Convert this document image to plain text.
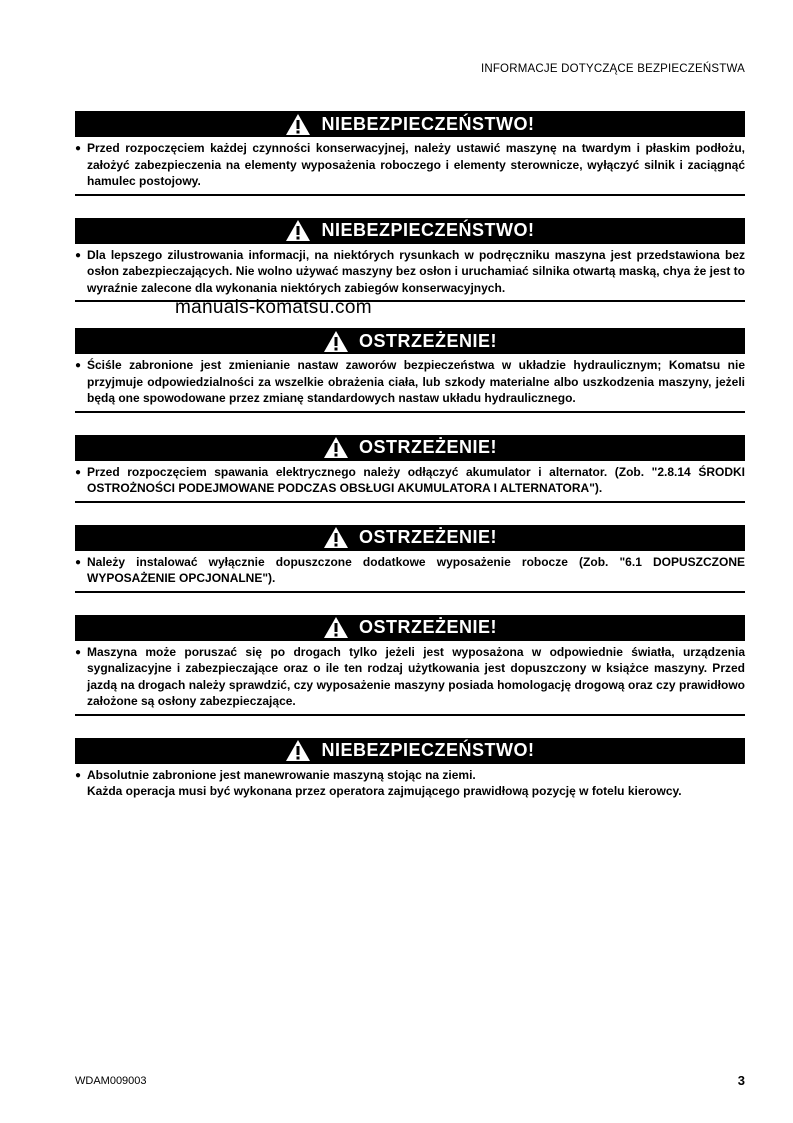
INFORMACJE DOTYCZĄCE BEZPIECZEŃSTWA
NIEBEZPIECZEŃSTWO!
● Przed rozpoczęciem każdej czynności konserwacyjnej, należy ustawić maszynę na twardym i płaskim podłożu, założyć zabezpieczenia na elementy wyposażenia roboczego i elementy sterownicze, wyłączyć silnik i zaciągnąć hamulec postojowy.
NIEBEZPIECZEŃSTWO!
● Dla lepszego zilustrowania informacji, na niektórych rysunkach w podręczniku maszyna jest przedstawiona bez osłon zabezpieczających. Nie wolno używać maszyny bez osłon i uruchamiać silnika otwartą maską, chya że jest to wyraźnie zalecone dla wykonania niektórych zabiegów konserwacyjnych.
OSTRZEŻENIE!
● Ściśle zabronione jest zmienianie nastaw zaworów bezpieczeństwa w układzie hydraulicznym; Komatsu nie przyjmuje odpowiedzialności za wszelkie obrażenia ciała, lub szkody materialne albo uszkodzenia maszyny, jeżeli będą one spowodowane przez zmianę standardowych nastaw układu hydraulicznego.
OSTRZEŻENIE!
● Przed rozpoczęciem spawania elektrycznego należy odłączyć akumulator i alternator. (Zob. "2.8.14 ŚRODKI OSTROŻNOŚCI PODEJMOWANE PODCZAS OBSŁUGI AKUMULATORA I ALTERNATORA").
OSTRZEŻENIE!
● Należy instalować wyłącznie dopuszczone dodatkowe wyposażenie robocze (Zob. "6.1 DOPUSZCZONE WYPOSAŻENIE OPCJONALNE").
OSTRZEŻENIE!
● Maszyna może poruszać się po drogach tylko jeżeli jest wyposażona w odpowiednie światła, urządzenia sygnalizacyjne i zabezpieczające oraz o ile ten rodzaj użytkowania jest dopuszczony w książce maszyny. Przed jazdą na drogach należy sprawdzić, czy wyposażenie maszyny posiada homologację drogową oraz czy prawidłowo założone są osłony zabezpieczające.
NIEBEZPIECZEŃSTWO!
● Absolutnie zabronione jest manewrowanie maszyną stojąc na ziemi.
Każda operacja musi być wykonana przez operatora zajmującego prawidłową pozycję w fotelu kierowcy.
manuals-komatsu.com
WDAM009003	3
